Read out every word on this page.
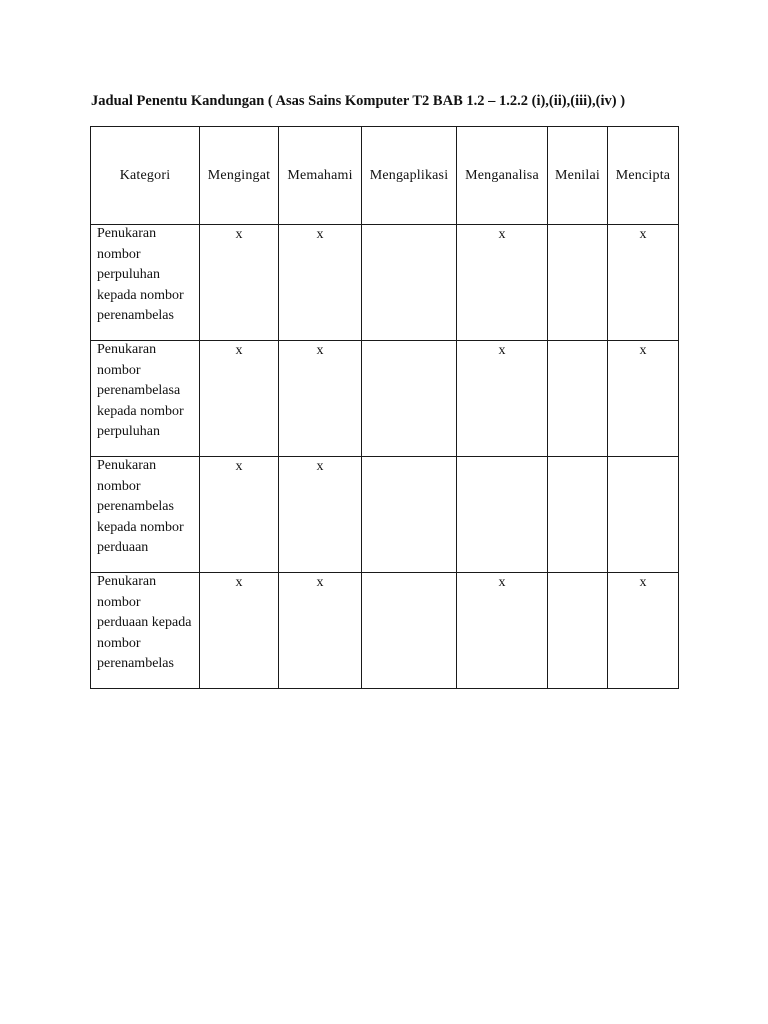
Jadual Penentu Kandungan ( Asas Sains Komputer T2 BAB 1.2 – 1.2.2 (i),(ii),(iii),(iv) )
Kategori	Mengingat	Memahami	Mengaplikasi	Menganalisa	Menilai	Mencipta

Penukaran nombor perpuluhan kepada nombor perenambelas	x	x		x		x

Penukaran nombor perenambelasa kepada nombor perpuluhan	x	x		x		x

Penukaran nombor perenambelas kepada nombor perduaan	x	x				

Penukaran nombor perduaan kepada nombor perenambelas	x	x		x		x
